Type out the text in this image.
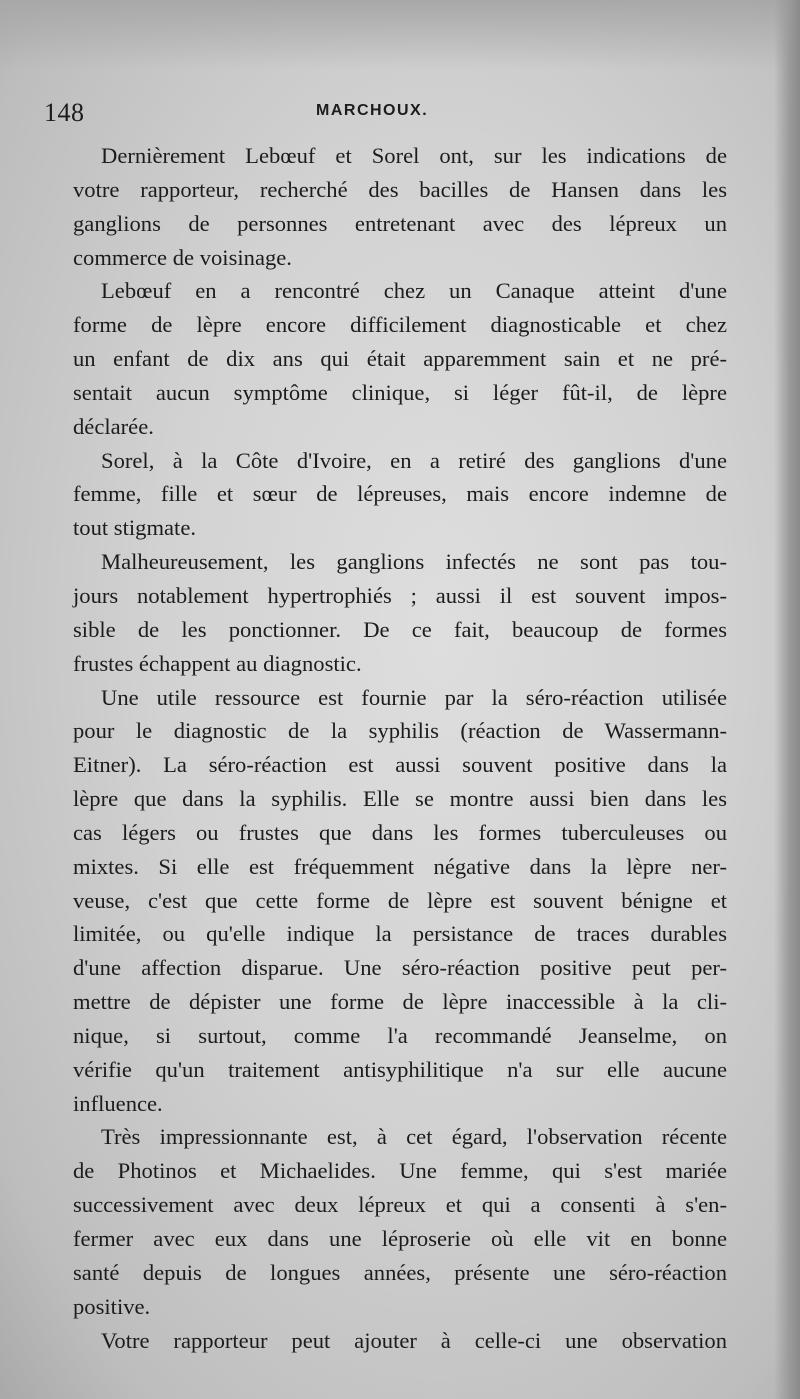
148	MARCHOUX.
Dernièrement Lebœuf et Sorel ont, sur les indications de
votre rapporteur, recherché des bacilles de Hansen dans les
ganglions de personnes entretenant avec des lépreux un
commerce de voisinage.
Lebœuf en a rencontré chez un Canaque atteint d'une
forme de lèpre encore difficilement diagnosticable et chez
un enfant de dix ans qui était apparemment sain et ne pré-
sentait aucun symptôme clinique, si léger fût-il, de lèpre
déclarée.
Sorel, à la Côte d'Ivoire, en a retiré des ganglions d'une
femme, fille et sœur de lépreuses, mais encore indemne de
tout stigmate.
Malheureusement, les ganglions infectés ne sont pas tou-
jours notablement hypertrophiés ; aussi il est souvent impos-
sible de les ponctionner. De ce fait, beaucoup de formes
frustes échappent au diagnostic.
Une utile ressource est fournie par la séro-réaction utilisée
pour le diagnostic de la syphilis (réaction de Wassermann-
Eitner). La séro-réaction est aussi souvent positive dans la
lèpre que dans la syphilis. Elle se montre aussi bien dans les
cas légers ou frustes que dans les formes tuberculeuses ou
mixtes. Si elle est fréquemment négative dans la lèpre ner-
veuse, c'est que cette forme de lèpre est souvent bénigne et
limitée, ou qu'elle indique la persistance de traces durables
d'une affection disparue. Une séro-réaction positive peut per-
mettre de dépister une forme de lèpre inaccessible à la cli-
nique, si surtout, comme l'a recommandé Jeanselme, on
vérifie qu'un traitement antisyphilitique n'a sur elle aucune
influence.
Très impressionnante est, à cet égard, l'observation récente
de Photinos et Michaelides. Une femme, qui s'est mariée
successivement avec deux lépreux et qui a consenti à s'en-
fermer avec eux dans une léproserie où elle vit en bonne
santé depuis de longues années, présente une séro-réaction
positive.
Votre rapporteur peut ajouter à celle-ci une observation
